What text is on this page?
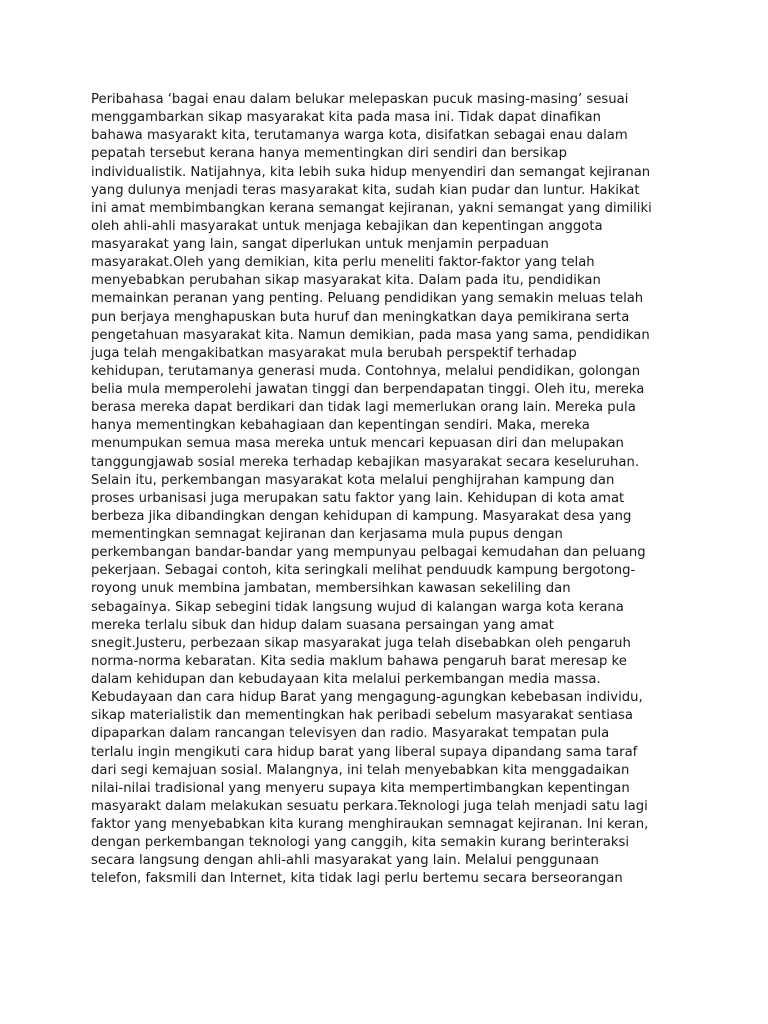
Peribahasa ‘bagai enau dalam belukar melepaskan pucuk masing-masing’ sesuai
menggambarkan sikap masyarakat kita pada masa ini. Tidak dapat dinafikan
bahawa masyarakt kita, terutamanya warga kota, disifatkan sebagai enau dalam
pepatah tersebut kerana hanya mementingkan diri sendiri dan bersikap
individualistik. Natijahnya, kita lebih suka hidup menyendiri dan semangat kejiranan
yang dulunya menjadi teras masyarakat kita, sudah kian pudar dan luntur. Hakikat
ini amat membimbangkan kerana semangat kejiranan, yakni semangat yang dimiliki
oleh ahli-ahli masyarakat untuk menjaga kebajikan dan kepentingan anggota
masyarakat yang lain, sangat diperlukan untuk menjamin perpaduan
masyarakat.Oleh yang demikian, kita perlu meneliti faktor-faktor yang telah
menyebabkan perubahan sikap masyarakat kita. Dalam pada itu, pendidikan
memainkan peranan yang penting. Peluang pendidikan yang semakin meluas telah
pun berjaya menghapuskan buta huruf dan meningkatkan daya pemikirana serta
pengetahuan masyarakat kita. Namun demikian, pada masa yang sama, pendidikan
juga telah mengakibatkan masyarakat mula berubah perspektif terhadap
kehidupan, terutamanya generasi muda. Contohnya, melalui pendidikan, golongan
belia mula memperolehi jawatan tinggi dan berpendapatan tinggi. Oleh itu, mereka
berasa mereka dapat berdikari dan tidak lagi memerlukan orang lain. Mereka pula
hanya mementingkan kebahagiaan dan kepentingan sendiri. Maka, mereka
menumpukan semua masa mereka untuk mencari kepuasan diri dan melupakan
tanggungjawab sosial mereka terhadap kebajikan masyarakat secara keseluruhan.
Selain itu, perkembangan masyarakat kota melalui penghijrahan kampung dan
proses urbanisasi juga merupakan satu faktor yang lain. Kehidupan di kota amat
berbeza jika dibandingkan dengan kehidupan di kampung. Masyarakat desa yang
mementingkan semnagat kejiranan dan kerjasama mula pupus dengan
perkembangan bandar-bandar yang mempunyau pelbagai kemudahan dan peluang
pekerjaan. Sebagai contoh, kita seringkali melihat penduudk kampung bergotong-
royong unuk membina jambatan, membersihkan kawasan sekeliling dan
sebagainya. Sikap sebegini tidak langsung wujud di kalangan warga kota kerana
mereka terlalu sibuk dan hidup dalam suasana persaingan yang amat
snegit.Justeru, perbezaan sikap masyarakat juga telah disebabkan oleh pengaruh
norma-norma kebaratan. Kita sedia maklum bahawa pengaruh barat meresap ke
dalam kehidupan dan kebudayaan kita melalui perkembangan media massa.
Kebudayaan dan cara hidup Barat yang mengagung-agungkan kebebasan individu,
sikap materialistik dan mementingkan hak peribadi sebelum masyarakat sentiasa
dipaparkan dalam rancangan televisyen dan radio. Masyarakat tempatan pula
terlalu ingin mengikuti cara hidup barat yang liberal supaya dipandang sama taraf
dari segi kemajuan sosial. Malangnya, ini telah menyebabkan kita menggadaikan
nilai-nilai tradisional yang menyeru supaya kita mempertimbangkan kepentingan
masyarakt dalam melakukan sesuatu perkara.Teknologi juga telah menjadi satu lagi
faktor yang menyebabkan kita kurang menghiraukan semnagat kejiranan. Ini keran,
dengan perkembangan teknologi yang canggih, kita semakin kurang berinteraksi
secara langsung dengan ahli-ahli masyarakat yang lain. Melalui penggunaan
telefon, faksmili dan Internet, kita tidak lagi perlu bertemu secara berseorangan
